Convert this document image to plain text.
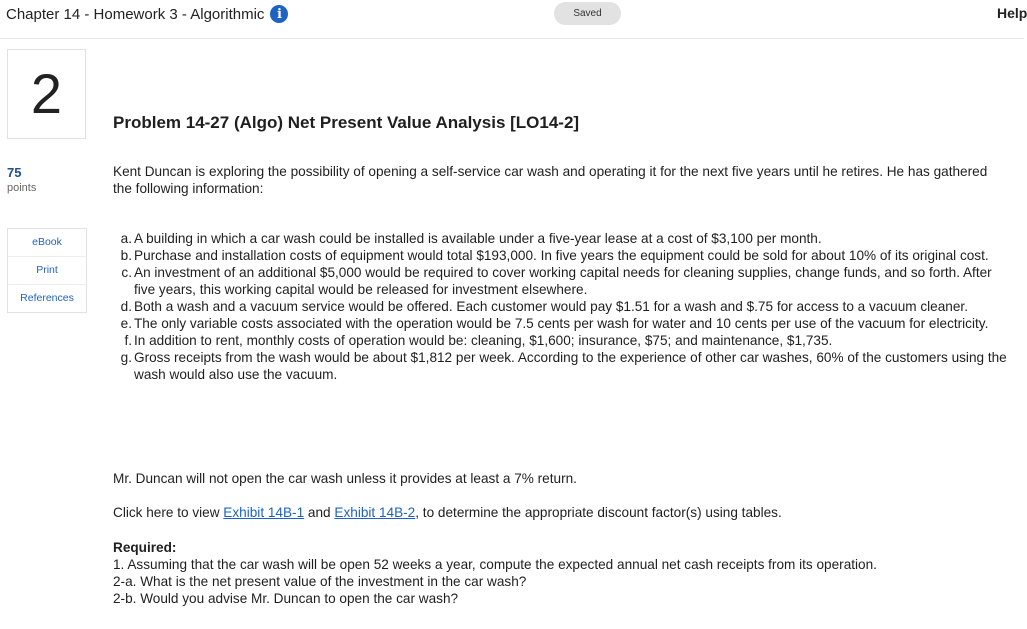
Chapter 14 - Homework 3 - Algorithmic i	Saved	Help
2
75
points
eBook
Print
References
Problem 14-27 (Algo) Net Present Value Analysis [LO14-2]
Kent Duncan is exploring the possibility of opening a self-service car wash and operating it for the next five years until he retires. He has gathered the following information:
a. A building in which a car wash could be installed is available under a five-year lease at a cost of $3,100 per month.
b. Purchase and installation costs of equipment would total $193,000. In five years the equipment could be sold for about 10% of its original cost.
c. An investment of an additional $5,000 would be required to cover working capital needs for cleaning supplies, change funds, and so forth. After five years, this working capital would be released for investment elsewhere.
d. Both a wash and a vacuum service would be offered. Each customer would pay $1.51 for a wash and $.75 for access to a vacuum cleaner.
e. The only variable costs associated with the operation would be 7.5 cents per wash for water and 10 cents per use of the vacuum for electricity.
f. In addition to rent, monthly costs of operation would be: cleaning, $1,600; insurance, $75; and maintenance, $1,735.
g. Gross receipts from the wash would be about $1,812 per week. According to the experience of other car washes, 60% of the customers using the wash would also use the vacuum.
Mr. Duncan will not open the car wash unless it provides at least a 7% return.
Click here to view Exhibit 14B-1 and Exhibit 14B-2, to determine the appropriate discount factor(s) using tables.
Required:
1. Assuming that the car wash will be open 52 weeks a year, compute the expected annual net cash receipts from its operation.
2-a. What is the net present value of the investment in the car wash?
2-b. Would you advise Mr. Duncan to open the car wash?
